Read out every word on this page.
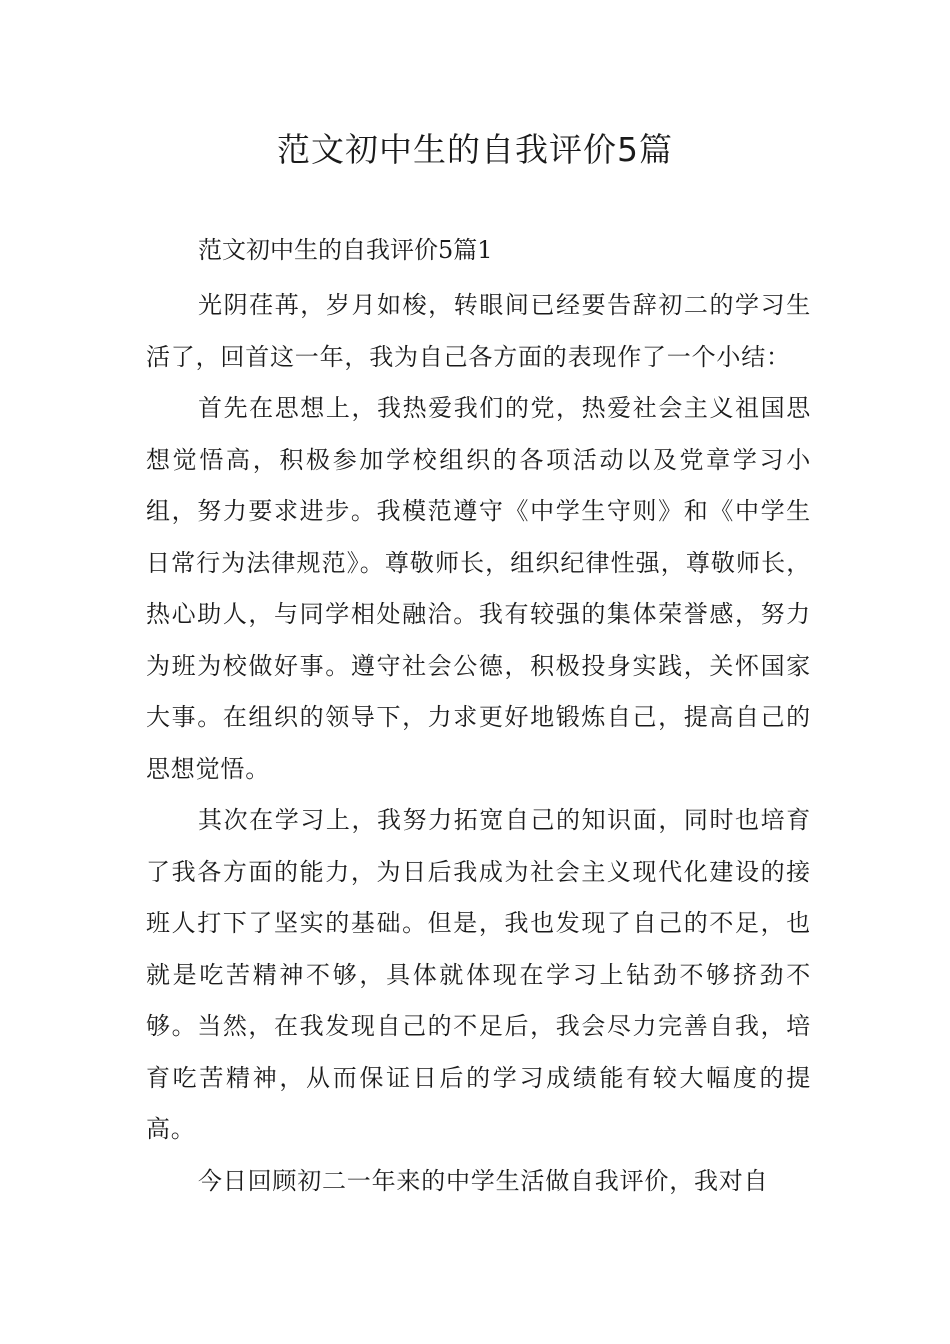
范文初中生的自我评价5篇

范文初中生的自我评价5篇1

光阴荏苒，岁月如梭，转眼间已经要告辞初二的学习生活了，回首这一年，我为自己各方面的表现作了一个小结：

首先在思想上，我热爱我们的党，热爱社会主义祖国思想觉悟高，积极参加学校组织的各项活动以及党章学习小组，努力要求进步。我模范遵守《中学生守则》和《中学生日常行为法律规范》。尊敬师长，组织纪律性强，尊敬师长，热心助人，与同学相处融洽。我有较强的集体荣誉感，努力为班为校做好事。遵守社会公德，积极投身实践，关怀国家大事。在组织的领导下，力求更好地锻炼自己，提高自己的思想觉悟。

其次在学习上，我努力拓宽自己的知识面，同时也培育了我各方面的能力，为日后我成为社会主义现代化建设的接班人打下了坚实的基础。但是，我也发现了自己的不足，也就是吃苦精神不够，具体就体现在学习上钻劲不够挤劲不够。当然，在我发现自己的不足后，我会尽力完善自我，培育吃苦精神，从而保证日后的学习成绩能有较大幅度的提高。

今日回顾初二一年来的中学生活做自我评价，我对自
